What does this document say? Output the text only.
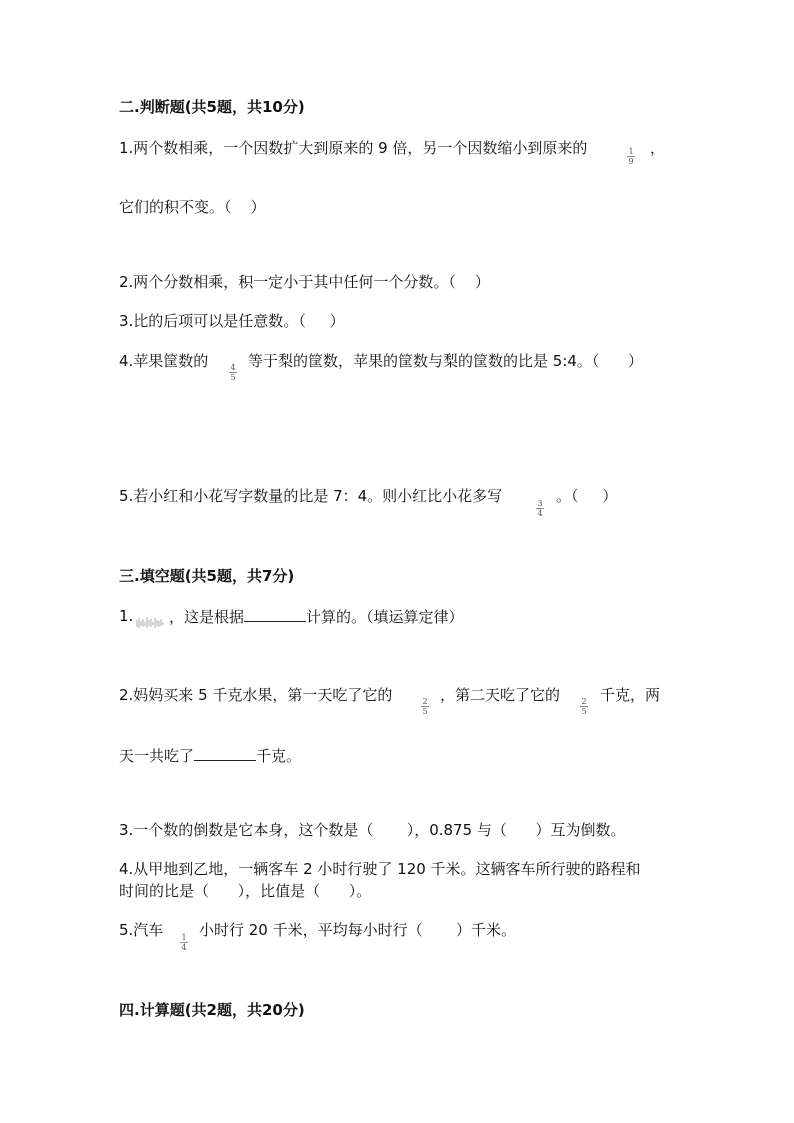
二.判断题(共5题，共10分)
1.两个数相乘，一个因数扩大到原来的 9 倍，另一个因数缩小到原来的	1
9
，
它们的积不变。（    ）
2.两个分数相乘，积一定小于其中任何一个分数。（    ）
3.比的后项可以是任意数。（     ）
4.苹果筐数的	4
5
等于梨的筐数，苹果的筐数与梨的筐数的比是 5:4。（      ）
5.若小红和小花写字数量的比是 7：4。则小红比小花多写	3
4
。（     ）
三.填空题(共5题，共7分)
1. ，这是根据	计算的。（填运算定律）
2.妈妈买来 5 千克水果，第一天吃了它的	2
5
，第二天吃了它的	2
5
千克，两
天一共吃了	千克。
3.一个数的倒数是它本身，这个数是（       ），0.875 与（      ）互为倒数。
4.从甲地到乙地，一辆客车 2 小时行驶了 120 千米。这辆客车所行驶的路程和
时间的比是（      ），比值是（      ）。
5.汽车	1
4
小时行 20 千米，平均每小时行（       ）千米。
四.计算题(共2题，共20分)
